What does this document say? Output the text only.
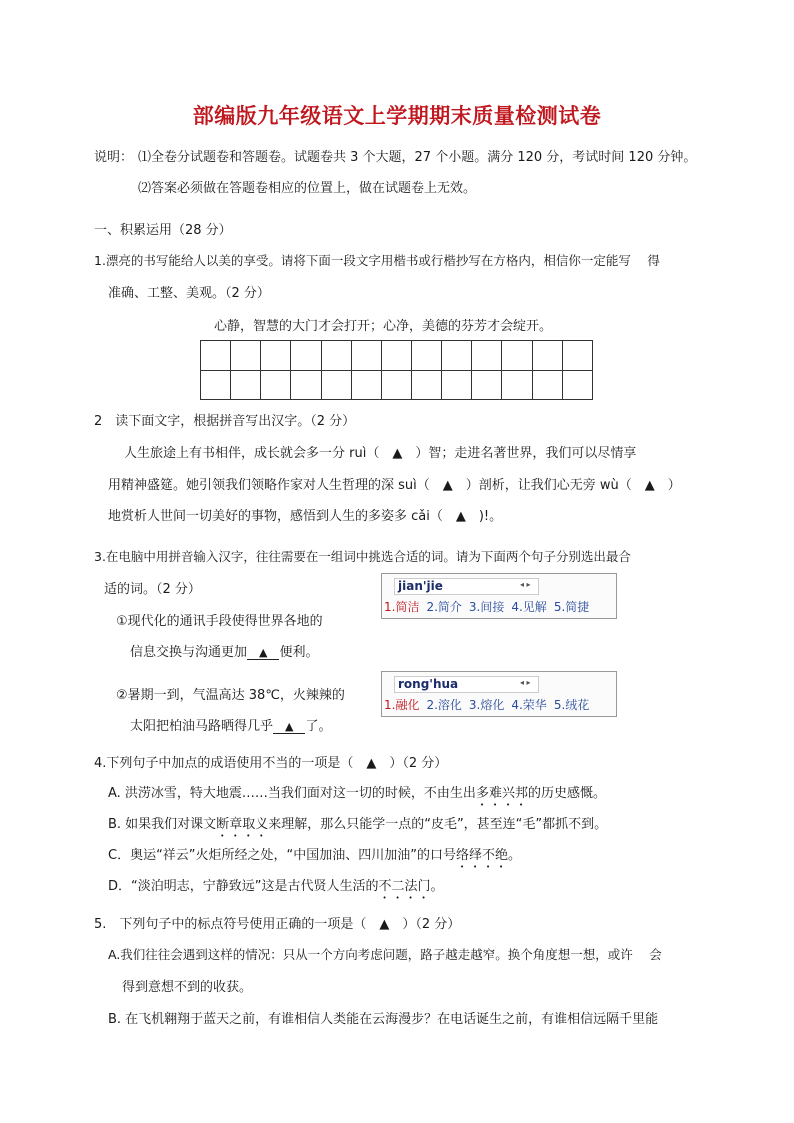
部编版九年级语文上学期期末质量检测试卷
说明： ⑴全卷分试题卷和答题卷。试题卷共 3 个大题，27 个小题。满分 120 分，考试时间 120 分钟。
⑵答案必须做在答题卷相应的位置上，做在试题卷上无效。
一、积累运用（28 分）
1.漂亮的书写能给人以美的享受。请将下面一段文字用楷书或行楷抄写在方格内，相信你一定能写　 得
准确、工整、美观。（2 分）
心静，智慧的大门才会打开；心净，美德的芬芳才会绽开。

2　读下面文字，根据拼音写出汉字。（2 分）
人生旅途上有书相伴，成长就会多一分 ruì（　▲　）智；走进名著世界，我们可以尽情享
用精神盛筵。她引领我们领略作家对人生哲理的深 suì（　▲　）剖析，让我们心无旁 wù（　▲　）
地赏析人世间一切美好的事物，感悟到人生的多姿多 cǎi（　▲　)!。
3.在电脑中用拼音输入汉字，往往需要在一组词中挑选合适的词。请为下面两个句子分别选出最合
适的词。（2 分）
①现代化的通讯手段使得世界各地的
信息交换与沟通更加 ▲ 便利。
jian'jie	◂ ▸
1.简洁 2.简介 3.间接 4.见解 5.简捷
②暑期一到，气温高达 38℃，火辣辣的
太阳把柏油马路晒得几乎 ▲ 了。
rong'hua	◂ ▸
1.融化 2.溶化 3.熔化 4.荣华 5.绒花
4.下列句子中加点的成语使用不当的一项是（　▲　）（2 分）
A. 洪涝冰雪，特大地震……当我们面对这一切的时候，不由生出多难兴邦的历史感慨。
B. 如果我们对课文断章取义来理解，那么只能学一点的“皮毛”，甚至连“毛”都抓不到。
C．奥运“祥云”火炬所经之处，“中国加油、四川加油”的口号络绎不绝。
D．“淡泊明志，宁静致远”这是古代贤人生活的不二法门。
5.　下列句子中的标点符号使用正确的一项是（　▲　）（2 分）
A.我们往往会遇到这样的情况：只从一个方向考虑问题，路子越走越窄。换个角度想一想，或许　 会
得到意想不到的收获。
B. 在飞机翱翔于蓝天之前，有谁相信人类能在云海漫步？在电话诞生之前，有谁相信远隔千里能
